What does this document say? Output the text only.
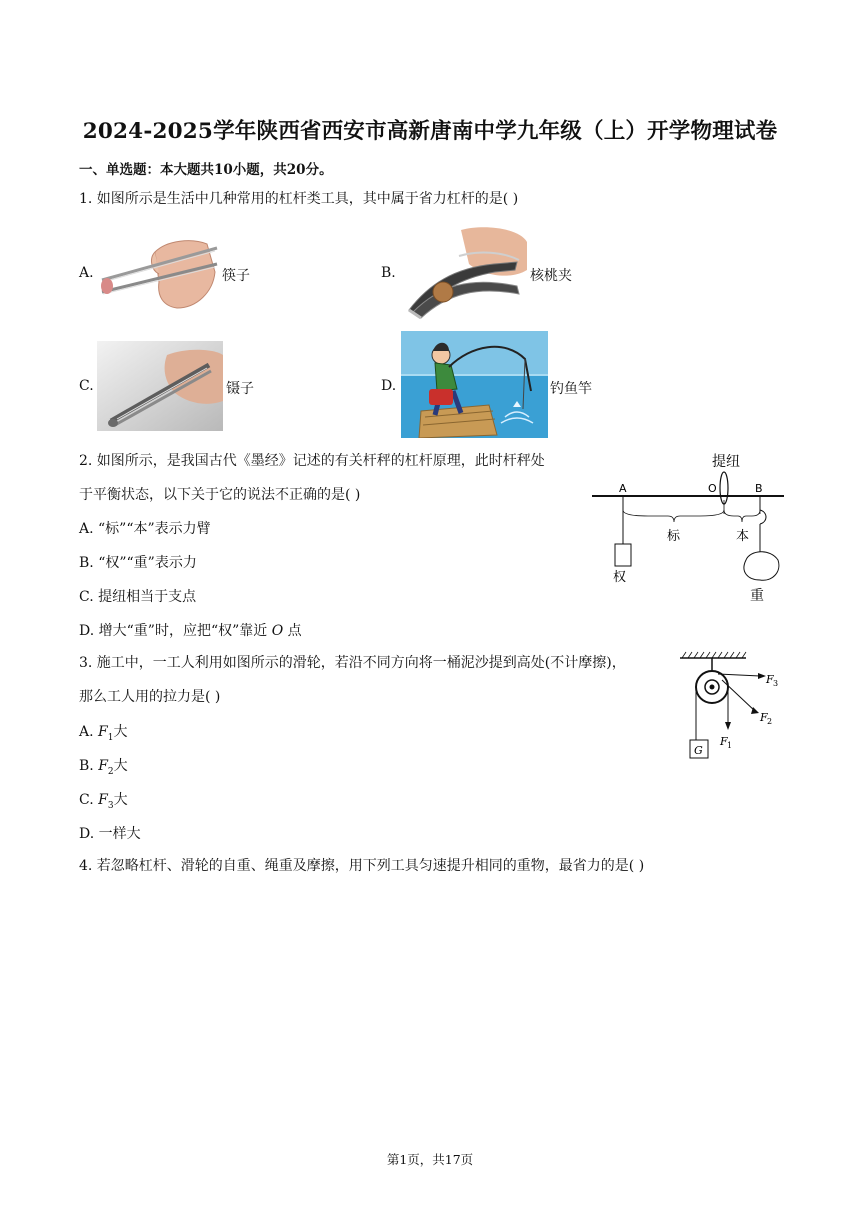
2024-2025学年陕西省西安市高新唐南中学九年级（上）开学物理试卷
一、单选题：本大题共10小题，共20分。
1. 如图所示是生活中几种常用的杠杆类工具，其中属于省力杠杆的是( )
A.	筷子	B.	核桃夹
C.	镊子	D.	钓鱼竿
2. 如图所示，是我国古代《墨经》记述的有关杆秤的杠杆原理，此时杆秤处
于平衡状态，以下关于它的说法不正确的是( )
A. “标”“本”表示力臂
B. “权”“重”表示力
C. 提纽相当于支点
D. 增大“重”时，应把“权”靠近 O 点
提纽
A	O	B
权
标	本
重
3. 施工中，一工人利用如图所示的滑轮，若沿不同方向将一桶泥沙提到高处(不计摩擦)，
那么工人用的拉力是( )
A. $F_1$大
B. $F_2$大
C. $F_3$大
D. 一样大
G
F 1
F 2
F 3
4. 若忽略杠杆、滑轮的自重、绳重及摩擦，用下列工具匀速提升相同的重物，最省力的是( )
第1页，共17页
